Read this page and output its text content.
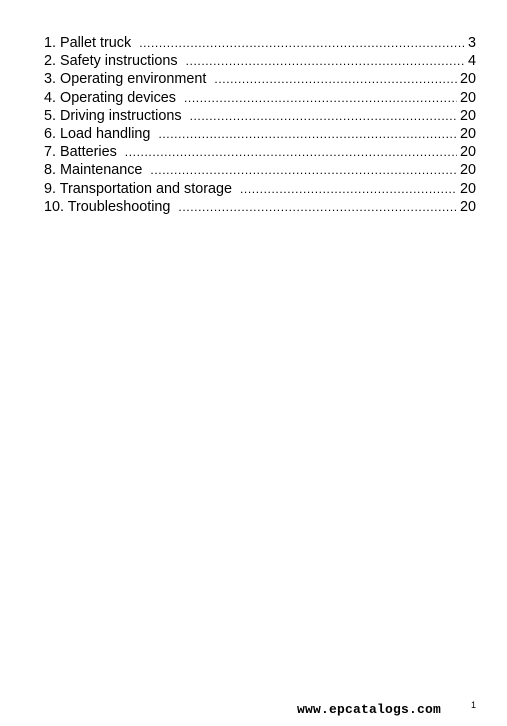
1. Pallet truck .....	3
2. Safety instructions .....	4
3. Operating environment .....	20
4. Operating devices .....	20
5. Driving instructions .....	20
6. Load handling .....	20
7. Batteries .....	20
8. Maintenance .....	20
9. Transportation and storage .....	20
10. Troubleshooting .....	20
www.epcatalogs.com	1
